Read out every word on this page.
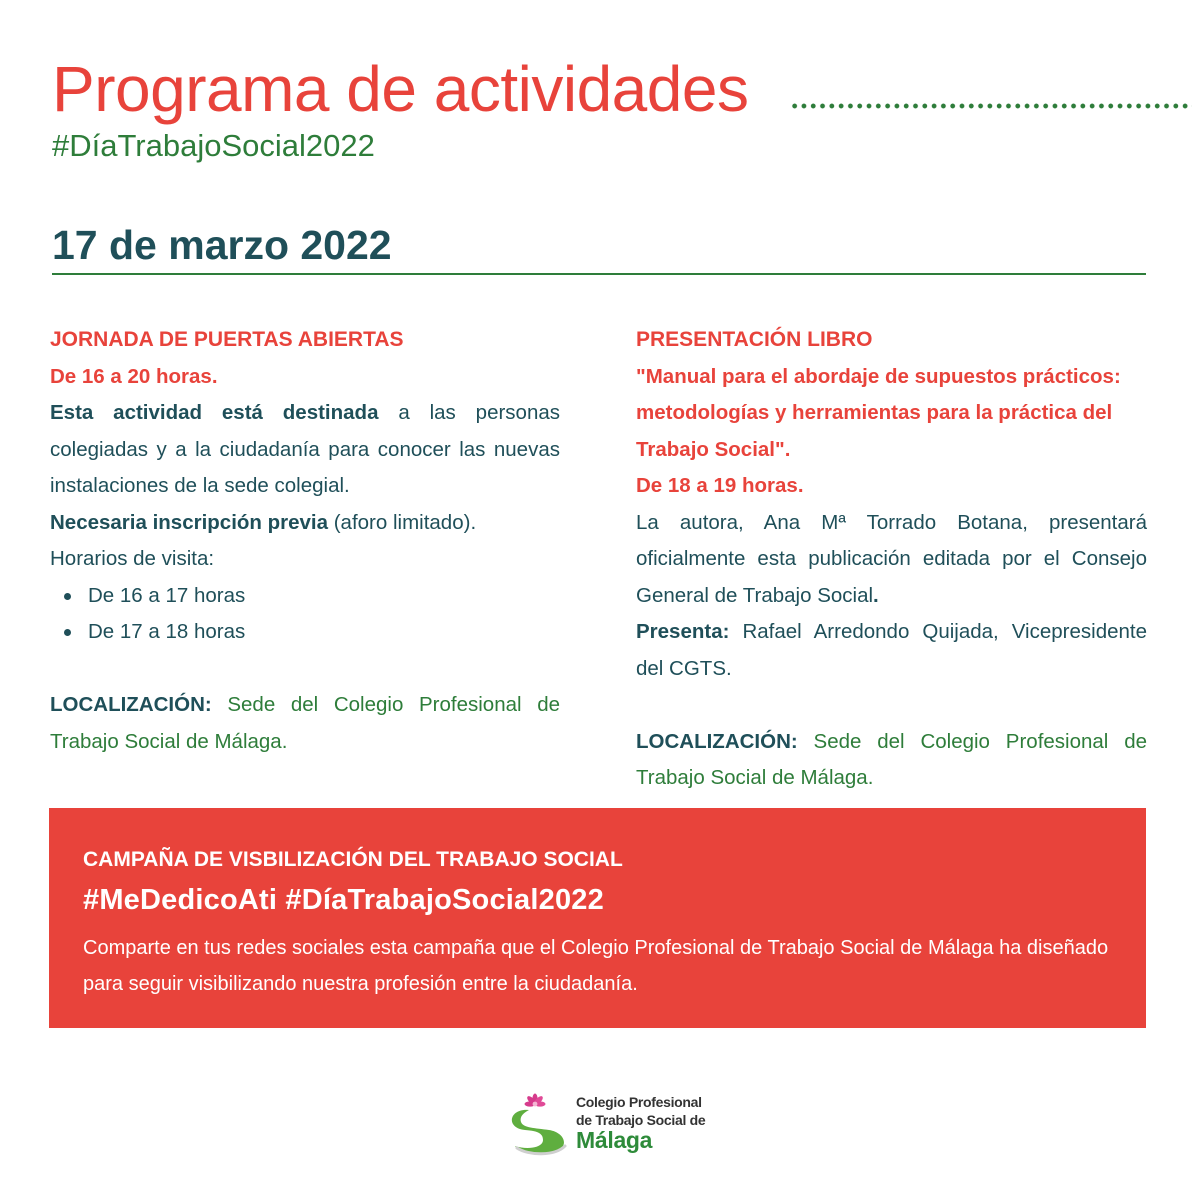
Programa de actividades
#DíaTrabajoSocial2022
17 de marzo 2022

JORNADA DE PUERTAS ABIERTAS

De 16 a 20 horas.

Esta actividad está destinada a las personas colegiadas y a la ciudadanía para conocer las nuevas instalaciones de la sede colegial.

Necesaria inscripción previa (aforo limitado).

Horarios de visita:

De 16 a 17 horas

De 17 a 18 horas

LOCALIZACIÓN: Sede del Colegio Profesional de Trabajo Social de Málaga.

PRESENTACIÓN LIBRO

"Manual para el abordaje de supuestos prácticos: metodologías y herramientas para la práctica del Trabajo Social".

De 18 a 19 horas.

La autora, Ana Mª Torrado Botana, presentará oficialmente esta publicación editada por el Consejo General de Trabajo Social.

Presenta: Rafael Arredondo Quijada, Vicepresidente del CGTS.

LOCALIZACIÓN: Sede del Colegio Profesional de Trabajo Social de Málaga.

CAMPAÑA DE VISBILIZACIÓN DEL TRABAJO SOCIAL
#MeDedicoAti #DíaTrabajoSocial2022
Comparte en tus redes sociales esta campaña que el Colegio Profesional de Trabajo Social de Málaga ha diseñado para seguir visibilizando nuestra profesión entre la ciudadanía.
Colegio Profesional
de Trabajo Social de
Málaga
